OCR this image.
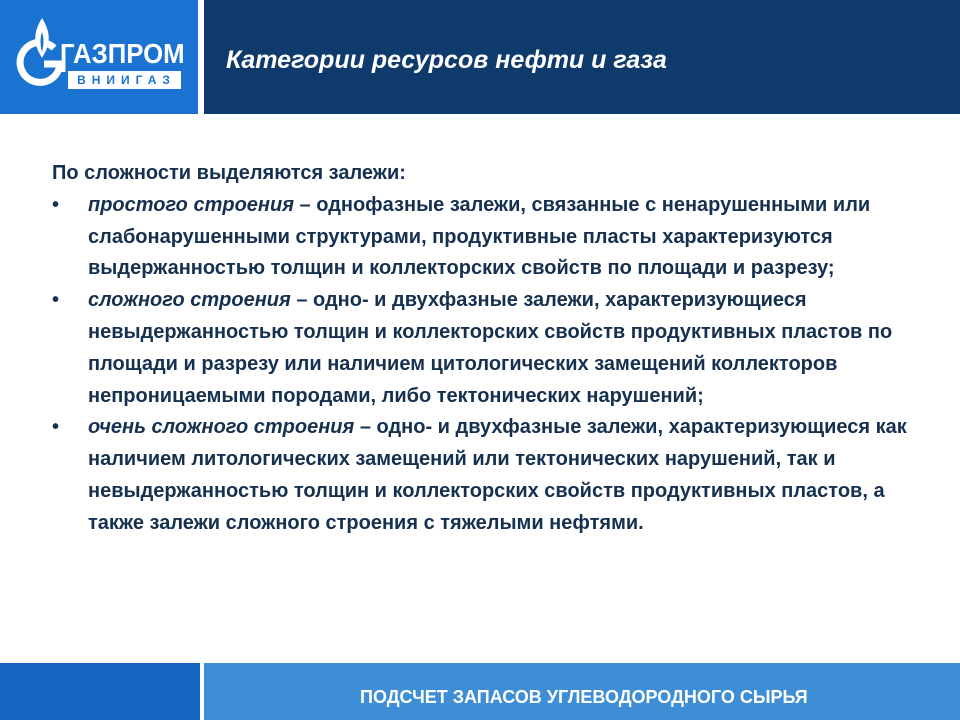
ГАЗПРОМ
ВНИИГАЗ
Категории ресурсов нефти и газа

По сложности выделяются залежи:

• простого строения – однофазные залежи, связанные с ненарушенными или слабонарушенными структурами, продуктивные пласты характеризуются выдержанностью толщин и коллекторских свойств по площади и разрезу;
• сложного строения – одно- и двухфазные залежи, характеризующиеся невыдержанностью толщин и коллекторских свойств продуктивных пластов по площади и разрезу или наличием цитологических замещений коллекторов непроницаемыми породами, либо тектонических нарушений;
• очень сложного строения – одно- и двухфазные залежи, характеризующиеся как наличием литологических замещений или тектонических нарушений, так и невыдержанностью толщин и коллекторских свойств продуктивных пластов, а также залежи сложного строения с тяжелыми нефтями.

ПОДСЧЕТ ЗАПАСОВ УГЛЕВОДОРОДНОГО СЫРЬЯ
